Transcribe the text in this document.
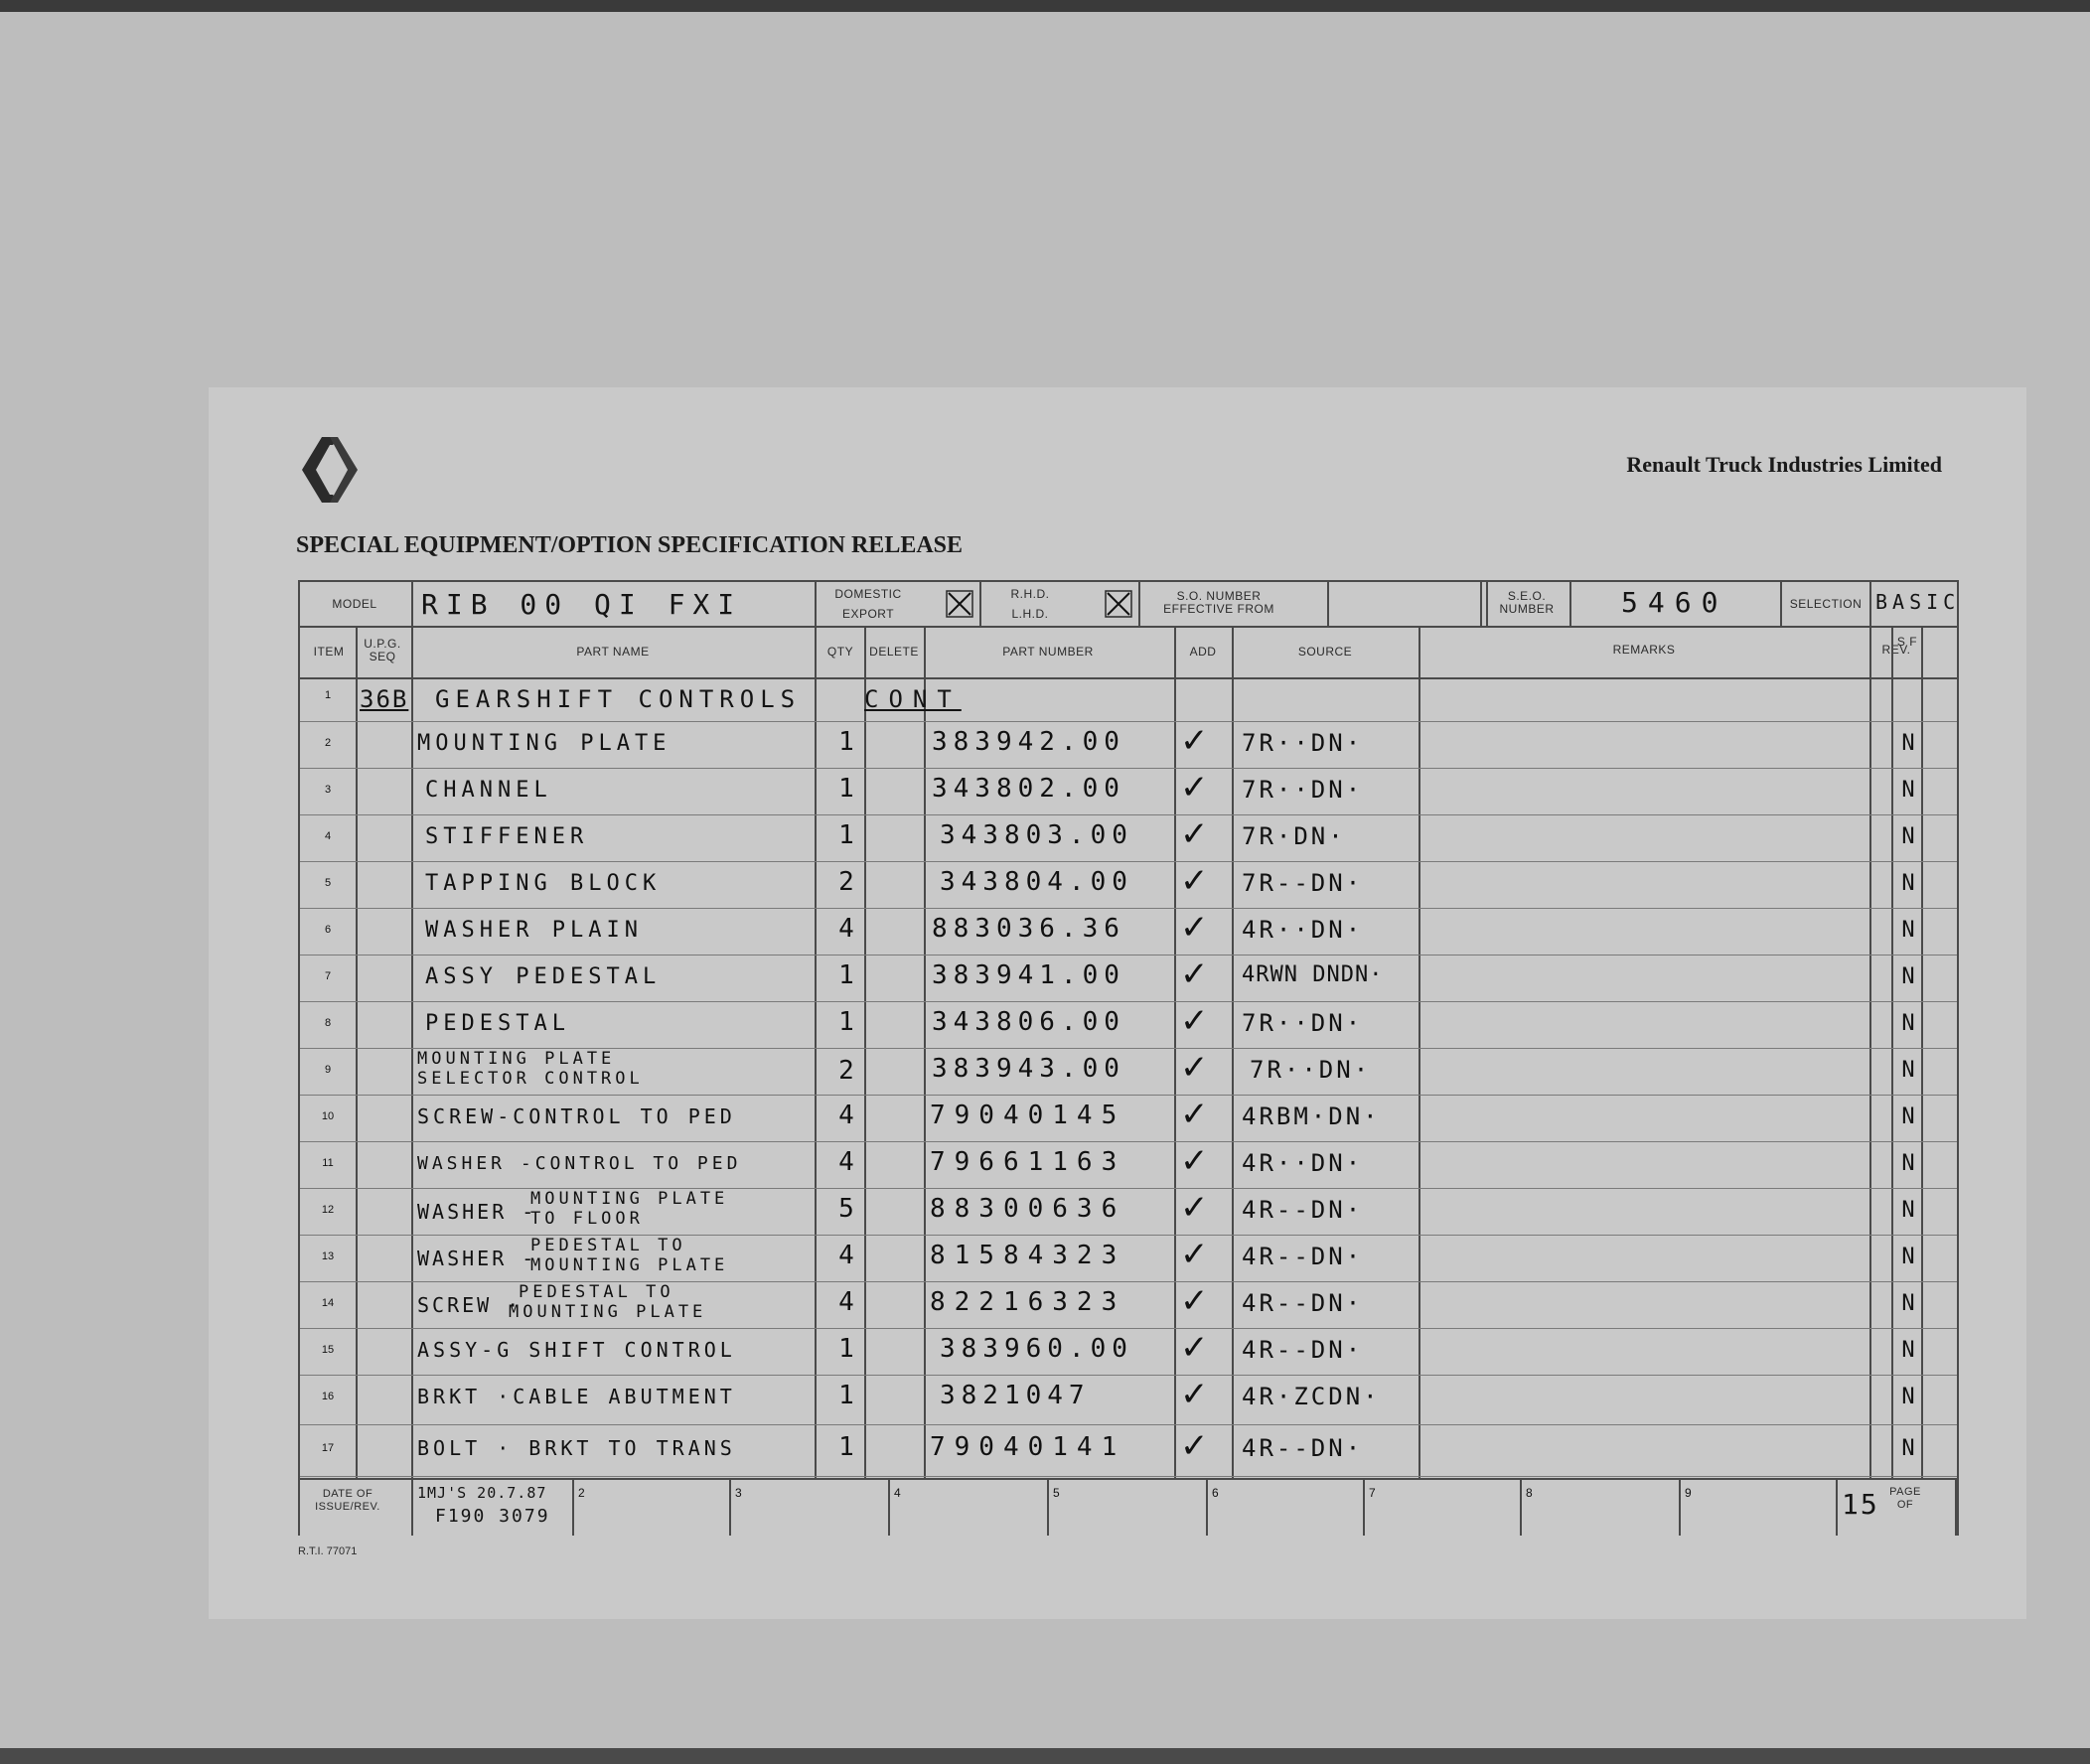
Renault Truck Industries Limited
SPECIAL EQUIPMENT/OPTION SPECIFICATION RELEASE
MODEL	RIB 00 QI FXI	DOMESTIC
EXPORT
R.H.D.
L.H.D.
S.O. NUMBER EFFECTIVE FROM
S.E.O. NUMBER 5460	SELECTION BASIC
ITEM
U.P.G. SEQ	PART NAME	QTY	DELETE	PART NUMBER	ADD	SOURCE	REMARKS	REV.
S F
1	36B GEARSHIFT CONTROLS	CONT
2	MOUNTING PLATE	1	383942.00 ✓ 7R··DN·	N
3	CHANNEL	1	343802.00 ✓ 7R··DN·	N
4	STIFFENER	1	343803.00 ✓ 7R·DN·	N
5	TAPPING BLOCK	2	343804.00 ✓ 7R--DN·	N
6	WASHER PLAIN	4	883036.36 ✓ 4R··DN·	N
7	ASSY PEDESTAL	1	383941.00 ✓ 4RWN DNDN·	N
8	PEDESTAL	1	343806.00 ✓ 7R··DN·	N
9
MOUNTING PLATE
SELECTOR CONTROL	2	383943.00 ✓ 7R··DN·	N
10	SCREW-CONTROL TO PED	4	79040145 ✓ 4RBM·DN·	N
11	WASHER -CONTROL TO PED	4	79661163 ✓ 4R··DN·	N
12	WASHER -
MOUNTING PLATE
TO FLOOR	5	88300636 ✓ 4R--DN·	N
13	WASHER -
PEDESTAL TO
MOUNTING PLATE	4	81584323 ✓ 4R--DN·	N
14	SCREW ·
PEDESTAL TO
MOUNTING PLATE	4	82216323 ✓ 4R--DN·	N
15	ASSY-G SHIFT CONTROL	1	383960.00 ✓ 4R--DN·	N
16	BRKT ·CABLE ABUTMENT	1	3821047	✓ 4R·ZCDN·	N
17	BOLT · BRKT TO TRANS	1	79040141 ✓ 4R--DN·	N
DATE OF ISSUE/REV.
1MJ'S 20.7.87
F190 3079
2	3	4	5	6	7	8	9	15 PAGE OF
R.T.I. 77071
